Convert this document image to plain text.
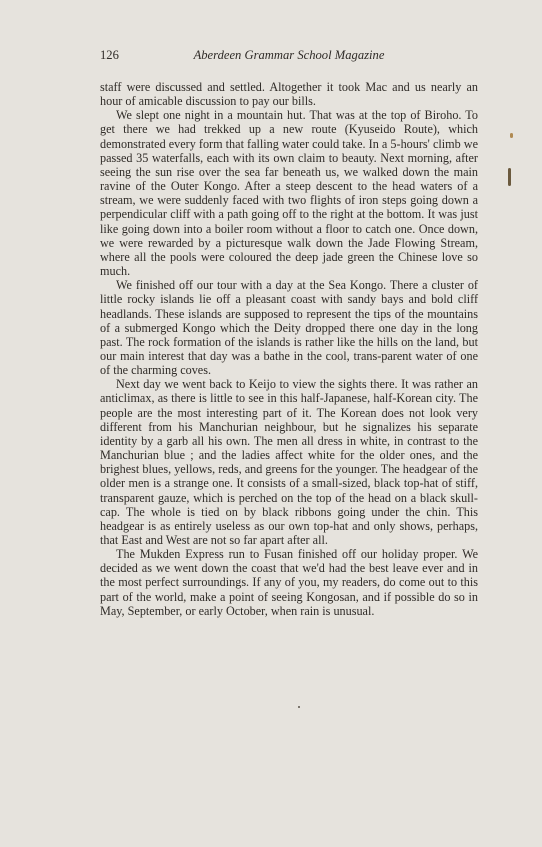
126	Aberdeen Grammar School Magazine

staff were discussed and settled. Altogether it took Mac and us nearly an hour of amicable discussion to pay our bills.

We slept one night in a mountain hut. That was at the top of Biroho. To get there we had trekked up a new route (Kyuseido Route), which demonstrated every form that falling water could take. In a 5-hours' climb we passed 35 waterfalls, each with its own claim to beauty. Next morning, after seeing the sun rise over the sea far beneath us, we walked down the main ravine of the Outer Kongo. After a steep descent to the head waters of a stream, we were suddenly faced with two flights of iron steps going down a perpendicular cliff with a path going off to the right at the bottom. It was just like going down into a boiler room without a floor to catch one. Once down, we were rewarded by a picturesque walk down the Jade Flowing Stream, where all the pools were coloured the deep jade green the Chinese love so much.

We finished off our tour with a day at the Sea Kongo. There a cluster of little rocky islands lie off a pleasant coast with sandy bays and bold cliff headlands. These islands are supposed to represent the tips of the mountains of a submerged Kongo which the Deity dropped there one day in the long past. The rock formation of the islands is rather like the hills on the land, but our main interest that day was a bathe in the cool, trans-parent water of one of the charming coves.

Next day we went back to Keijo to view the sights there. It was rather an anticlimax, as there is little to see in this half-Japanese, half-Korean city. The people are the most interesting part of it. The Korean does not look very different from his Manchurian neighbour, but he signalizes his separate identity by a garb all his own. The men all dress in white, in contrast to the Manchurian blue ; and the ladies affect white for the older ones, and the brighest blues, yellows, reds, and greens for the younger. The headgear of the older men is a strange one. It consists of a small-sized, black top-hat of stiff, transparent gauze, which is perched on the top of the head on a black skull-cap. The whole is tied on by black ribbons going under the chin. This headgear is as entirely useless as our own top-hat and only shows, perhaps, that East and West are not so far apart after all.

The Mukden Express run to Fusan finished off our holiday proper. We decided as we went down the coast that we'd had the best leave ever and in the most perfect surroundings. If any of you, my readers, do come out to this part of the world, make a point of seeing Kongosan, and if possible do so in May, September, or early October, when rain is unusual.
